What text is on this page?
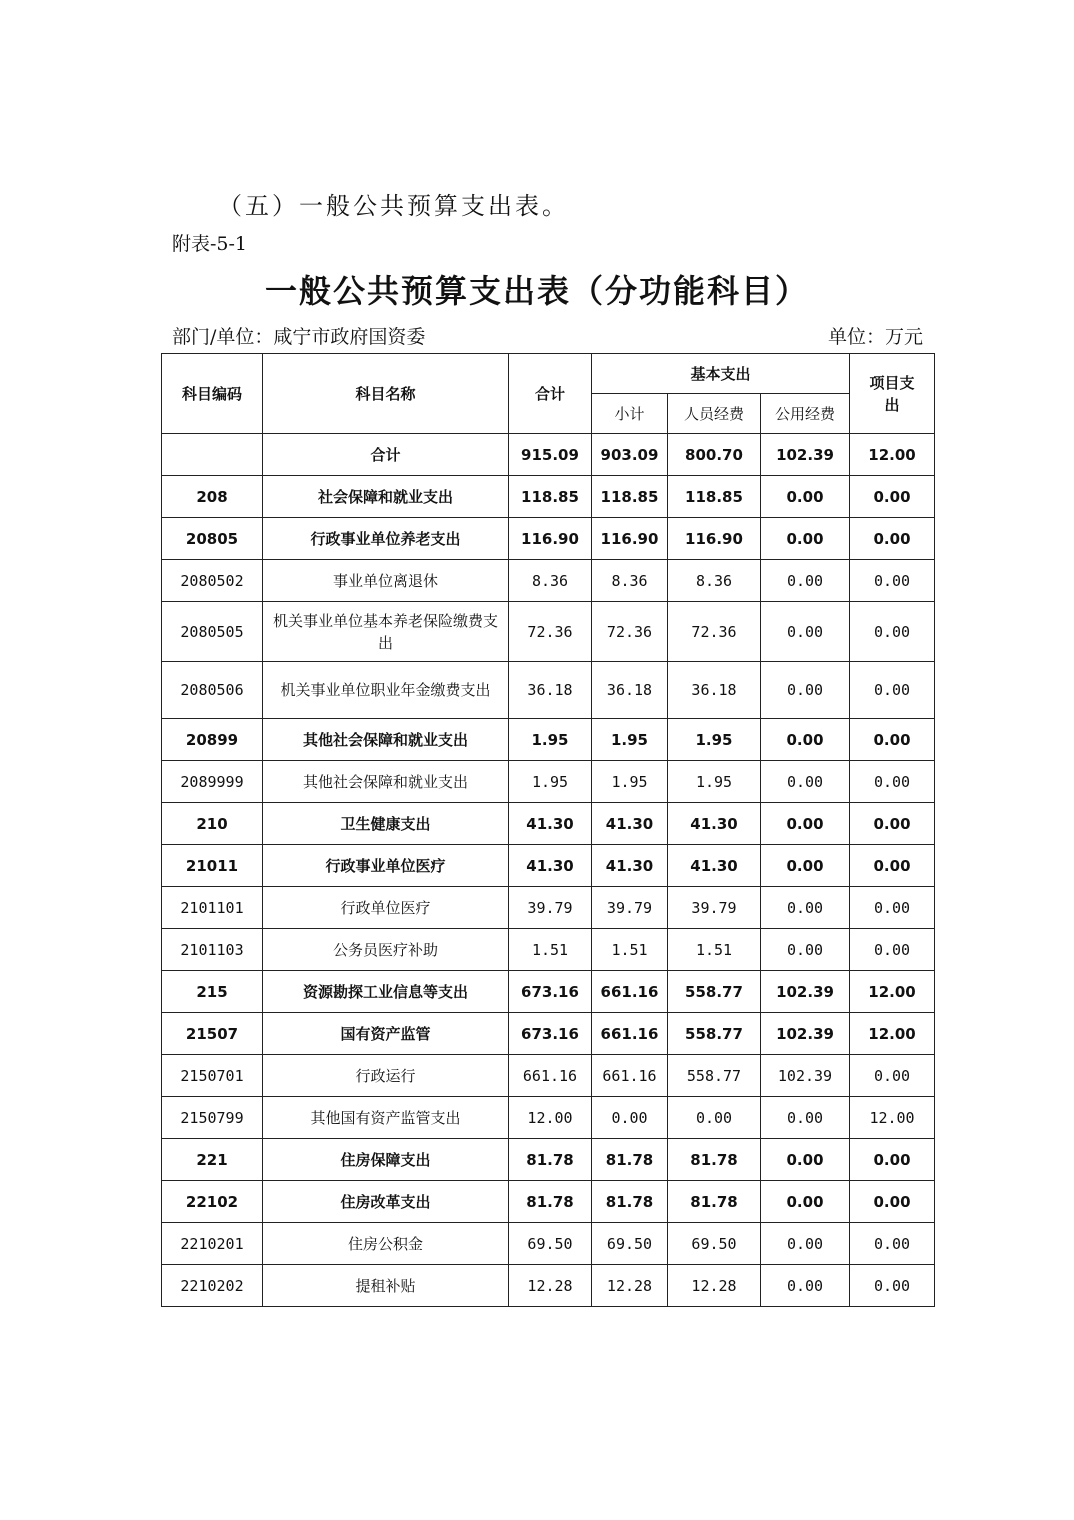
（五）一般公共预算支出表。
附表-5-1
一般公共预算支出表（分功能科目）
部门/单位：咸宁市政府国资委	单位：万元
科目编码	科目名称	合计	基本支出			项目支出
			小计	人员经费	公用经费	
	合计	915.09	903.09	800.70	102.39	12.00
208	社会保障和就业支出	118.85	118.85	118.85	0.00	0.00
20805	行政事业单位养老支出	116.90	116.90	116.90	0.00	0.00
2080502	事业单位离退休	8.36	8.36	8.36	0.00	0.00
2080505	机关事业单位基本养老保险缴费支出	72.36	72.36	72.36	0.00	0.00
2080506	机关事业单位职业年金缴费支出	36.18	36.18	36.18	0.00	0.00
20899	其他社会保障和就业支出	1.95	1.95	1.95	0.00	0.00
2089999	其他社会保障和就业支出	1.95	1.95	1.95	0.00	0.00
210	卫生健康支出	41.30	41.30	41.30	0.00	0.00
21011	行政事业单位医疗	41.30	41.30	41.30	0.00	0.00
2101101	行政单位医疗	39.79	39.79	39.79	0.00	0.00
2101103	公务员医疗补助	1.51	1.51	1.51	0.00	0.00
215	资源勘探工业信息等支出	673.16	661.16	558.77	102.39	12.00
21507	国有资产监管	673.16	661.16	558.77	102.39	12.00
2150701	行政运行	661.16	661.16	558.77	102.39	0.00
2150799	其他国有资产监管支出	12.00	0.00	0.00	0.00	12.00
221	住房保障支出	81.78	81.78	81.78	0.00	0.00
22102	住房改革支出	81.78	81.78	81.78	0.00	0.00
2210201	住房公积金	69.50	69.50	69.50	0.00	0.00
2210202	提租补贴	12.28	12.28	12.28	0.00	0.00
